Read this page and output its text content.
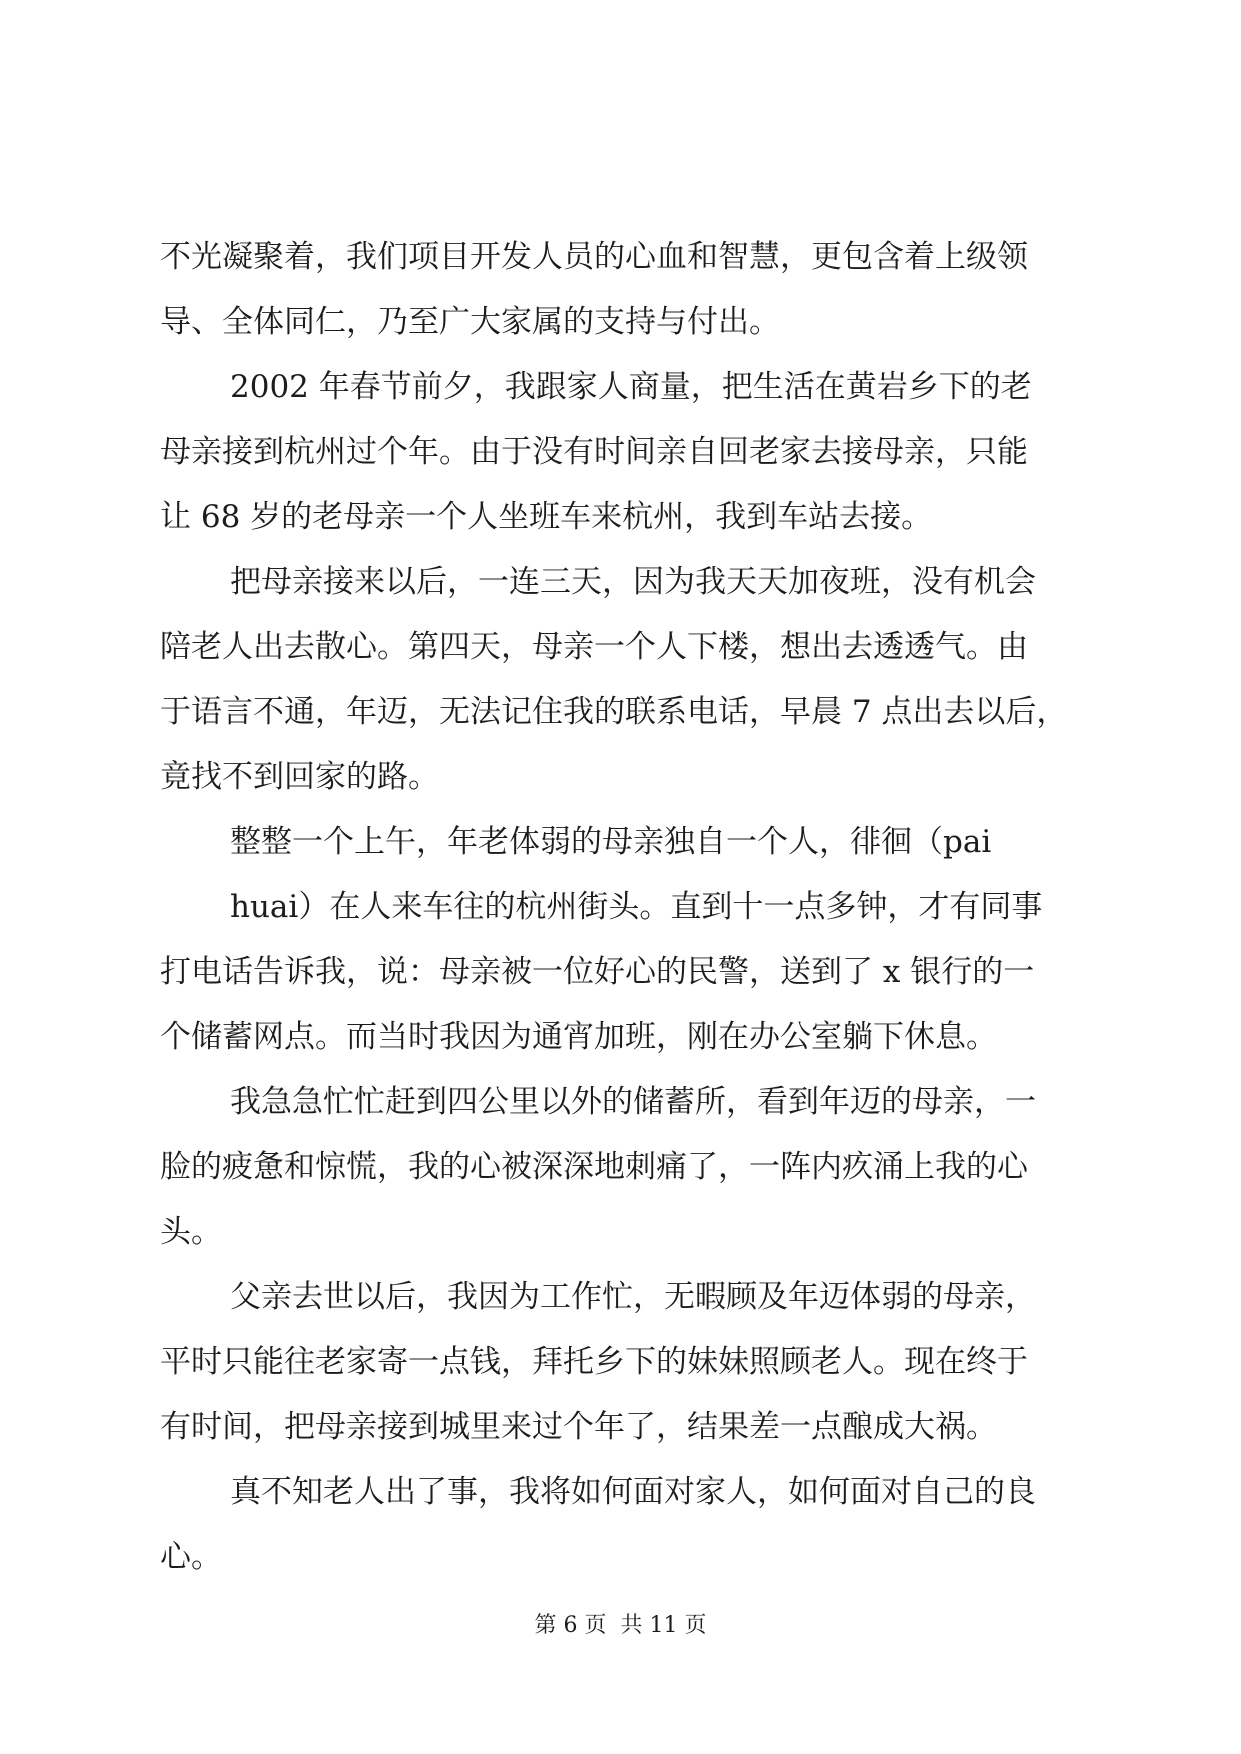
不光凝聚着，我们项目开发人员的心血和智慧，更包含着上级领
导、全体同仁，乃至广大家属的支持与付出。
2002 年春节前夕，我跟家人商量，把生活在黄岩乡下的老
母亲接到杭州过个年。由于没有时间亲自回老家去接母亲，只能
让 68 岁的老母亲一个人坐班车来杭州，我到车站去接。
把母亲接来以后，一连三天，因为我天天加夜班，没有机会
陪老人出去散心。第四天，母亲一个人下楼，想出去透透气。由
于语言不通，年迈，无法记住我的联系电话，早晨 7 点出去以后，
竟找不到回家的路。
整整一个上午，年老体弱的母亲独自一个人，徘徊（pai
huai）在人来车往的杭州街头。直到十一点多钟，才有同事
打电话告诉我，说：母亲被一位好心的民警，送到了 x 银行的一
个储蓄网点。而当时我因为通宵加班，刚在办公室躺下休息。
我急急忙忙赶到四公里以外的储蓄所，看到年迈的母亲，一
脸的疲惫和惊慌，我的心被深深地刺痛了，一阵内疚涌上我的心
头。
父亲去世以后，我因为工作忙，无暇顾及年迈体弱的母亲，
平时只能往老家寄一点钱，拜托乡下的妹妹照顾老人。现在终于
有时间，把母亲接到城里来过个年了，结果差一点酿成大祸。
真不知老人出了事，我将如何面对家人，如何面对自己的良
心。
第 6 页  共 11 页
